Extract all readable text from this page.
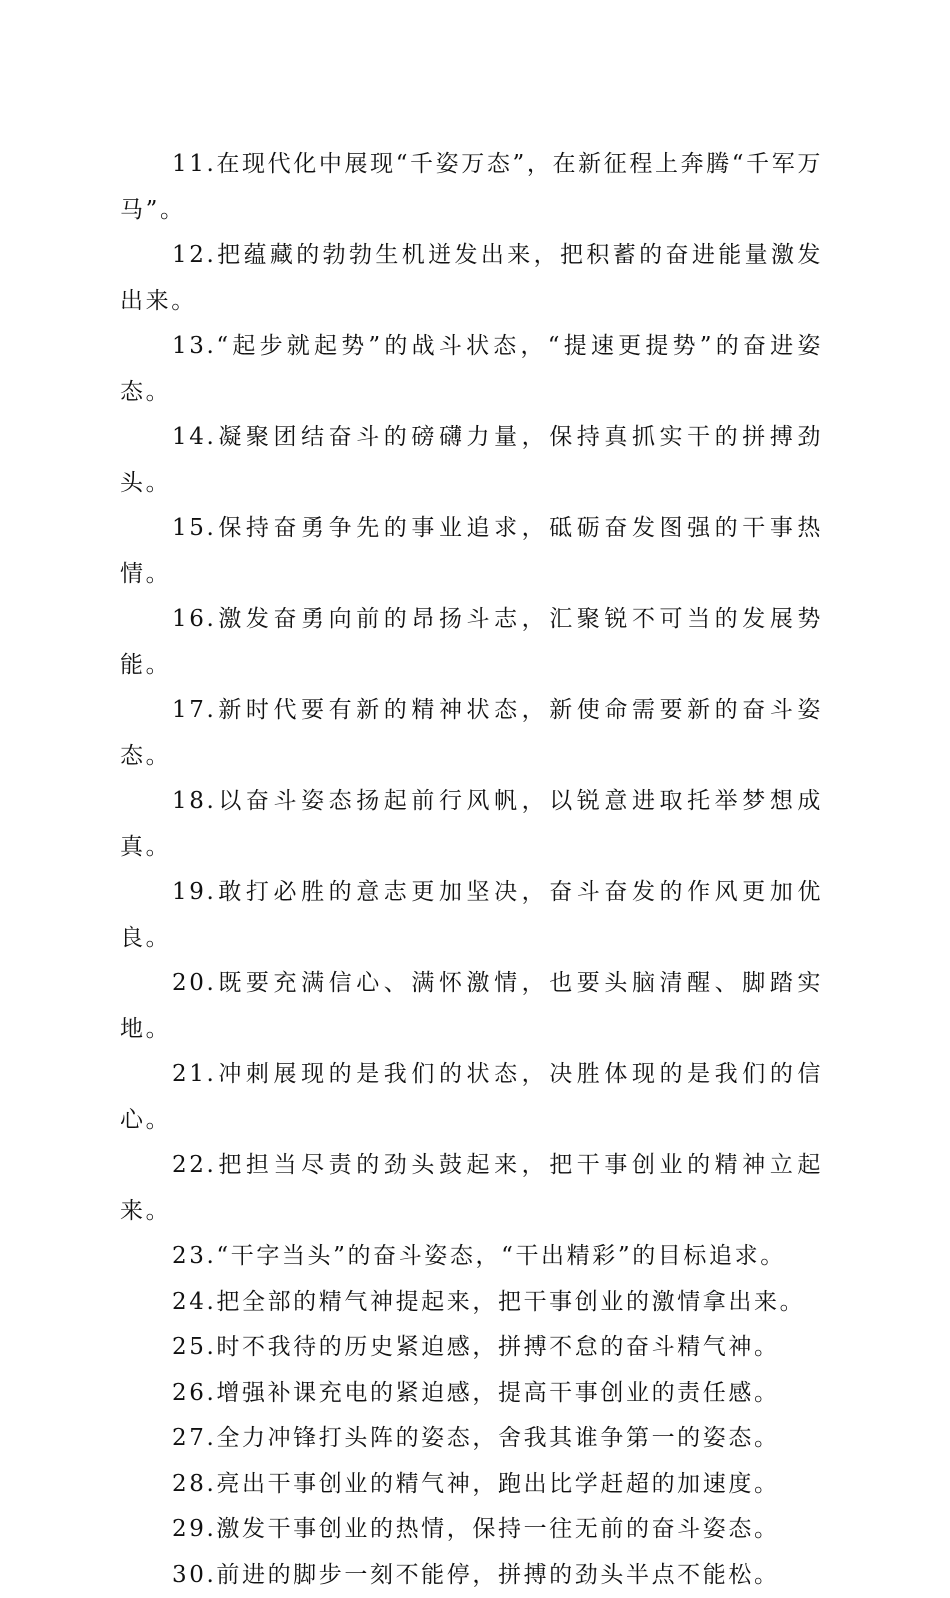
11.在现代化中展现“千姿万态”，在新征程上奔腾“千军万马”。

12.把蕴藏的勃勃生机迸发出来，把积蓄的奋进能量激发出来。

13.“起步就起势”的战斗状态，“提速更提势”的奋进姿态。

14.凝聚团结奋斗的磅礴力量，保持真抓实干的拼搏劲头。

15.保持奋勇争先的事业追求，砥砺奋发图强的干事热情。

16.激发奋勇向前的昂扬斗志，汇聚锐不可当的发展势能。

17.新时代要有新的精神状态，新使命需要新的奋斗姿态。

18.以奋斗姿态扬起前行风帆，以锐意进取托举梦想成真。

19.敢打必胜的意志更加坚决，奋斗奋发的作风更加优良。

20.既要充满信心、满怀激情，也要头脑清醒、脚踏实地。

21.冲刺展现的是我们的状态，决胜体现的是我们的信心。

22.把担当尽责的劲头鼓起来，把干事创业的精神立起来。

23.“干字当头”的奋斗姿态，“干出精彩”的目标追求。

24.把全部的精气神提起来，把干事创业的激情拿出来。

25.时不我待的历史紧迫感，拼搏不怠的奋斗精气神。

26.增强补课充电的紧迫感，提高干事创业的责任感。

27.全力冲锋打头阵的姿态，舍我其谁争第一的姿态。

28.亮出干事创业的精气神，跑出比学赶超的加速度。

29.激发干事创业的热情，保持一往无前的奋斗姿态。

30.前进的脚步一刻不能停，拼搏的劲头半点不能松。
